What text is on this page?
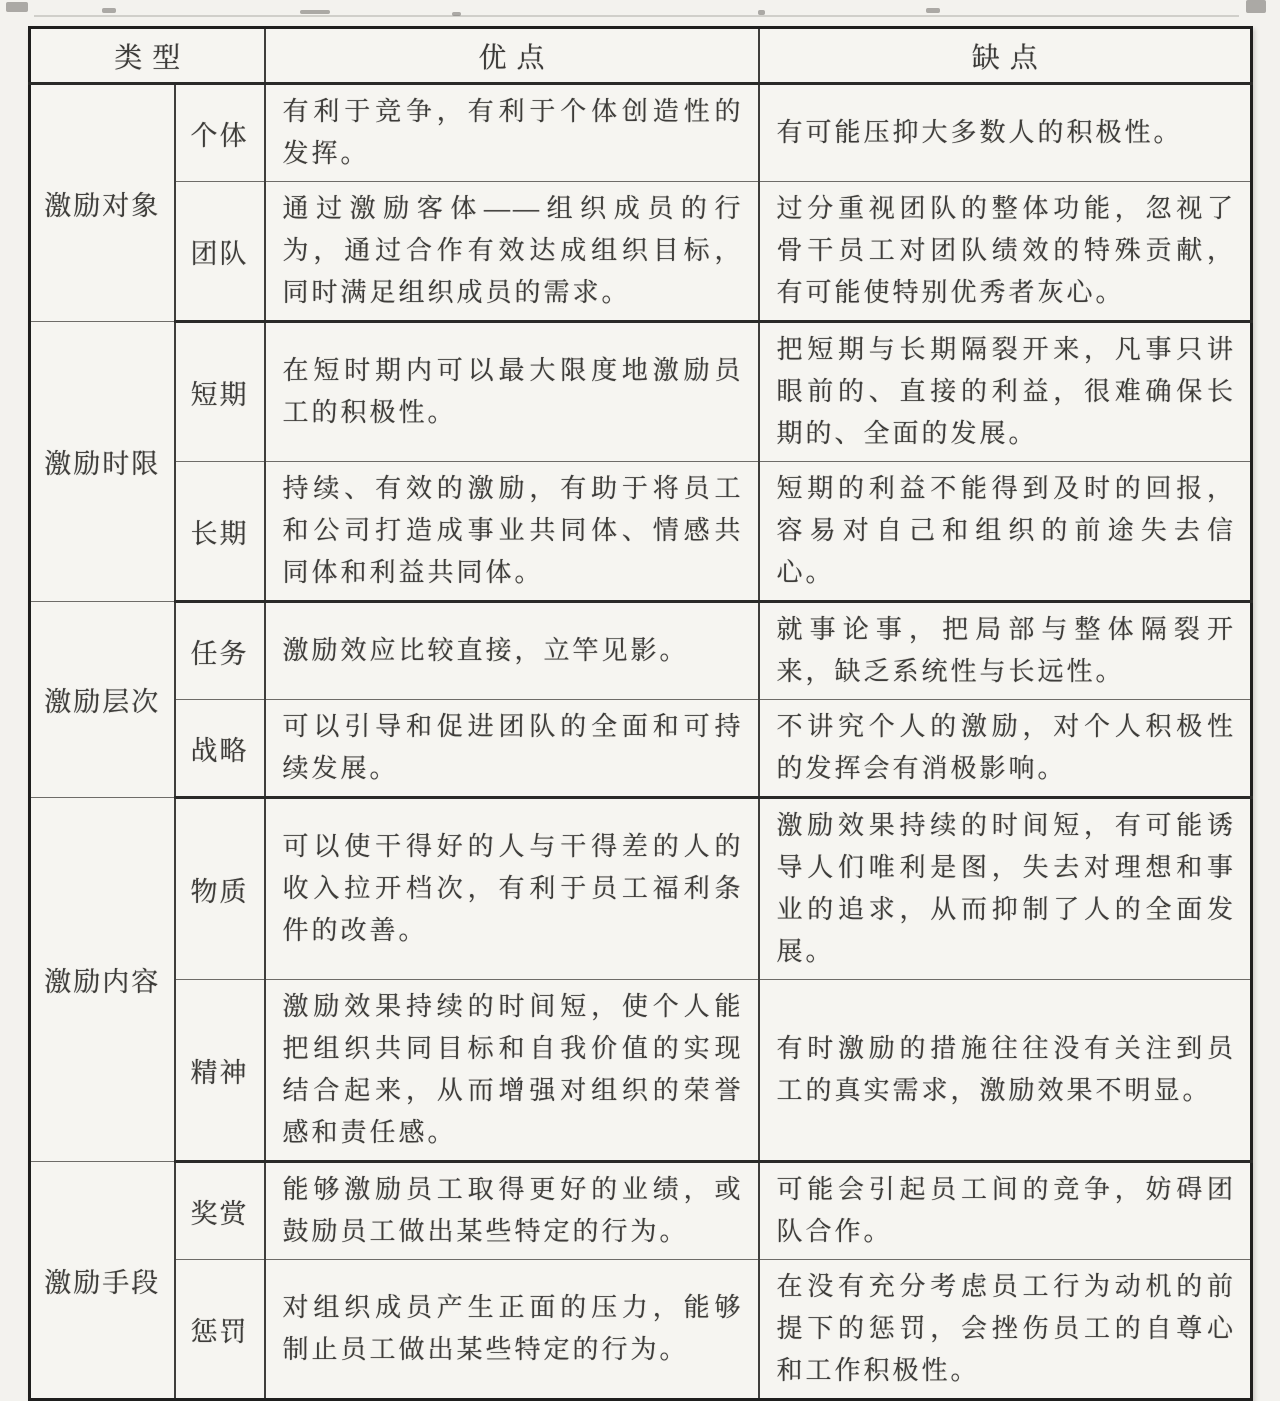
类型		优点	缺点
激励对象	个体	有利于竞争，有利于个体创造性的发挥。	有可能压抑大多数人的积极性。
	团队	通过激励客体——组织成员的行为，通过合作有效达成组织目标，同时满足组织成员的需求。	过分重视团队的整体功能，忽视了骨干员工对团队绩效的特殊贡献，有可能使特别优秀者灰心。
激励时限	短期	在短时期内可以最大限度地激励员工的积极性。	把短期与长期隔裂开来，凡事只讲眼前的、直接的利益，很难确保长期的、全面的发展。
	长期	持续、有效的激励，有助于将员工和公司打造成事业共同体、情感共同体和利益共同体。	短期的利益不能得到及时的回报，容易对自己和组织的前途失去信心。
激励层次	任务	激励效应比较直接，立竿见影。	就事论事，把局部与整体隔裂开来，缺乏系统性与长远性。
	战略	可以引导和促进团队的全面和可持续发展。	不讲究个人的激励，对个人积极性的发挥会有消极影响。
激励内容	物质	可以使干得好的人与干得差的人的收入拉开档次，有利于员工福利条件的改善。	激励效果持续的时间短，有可能诱导人们唯利是图，失去对理想和事业的追求，从而抑制了人的全面发展。
	精神	激励效果持续的时间短，使个人能把组织共同目标和自我价值的实现结合起来，从而增强对组织的荣誉感和责任感。	有时激励的措施往往没有关注到员工的真实需求，激励效果不明显。
激励手段	奖赏	能够激励员工取得更好的业绩，或鼓励员工做出某些特定的行为。	可能会引起员工间的竞争，妨碍团队合作。
	惩罚	对组织成员产生正面的压力，能够制止员工做出某些特定的行为。	在没有充分考虑员工行为动机的前提下的惩罚，会挫伤员工的自尊心和工作积极性。
